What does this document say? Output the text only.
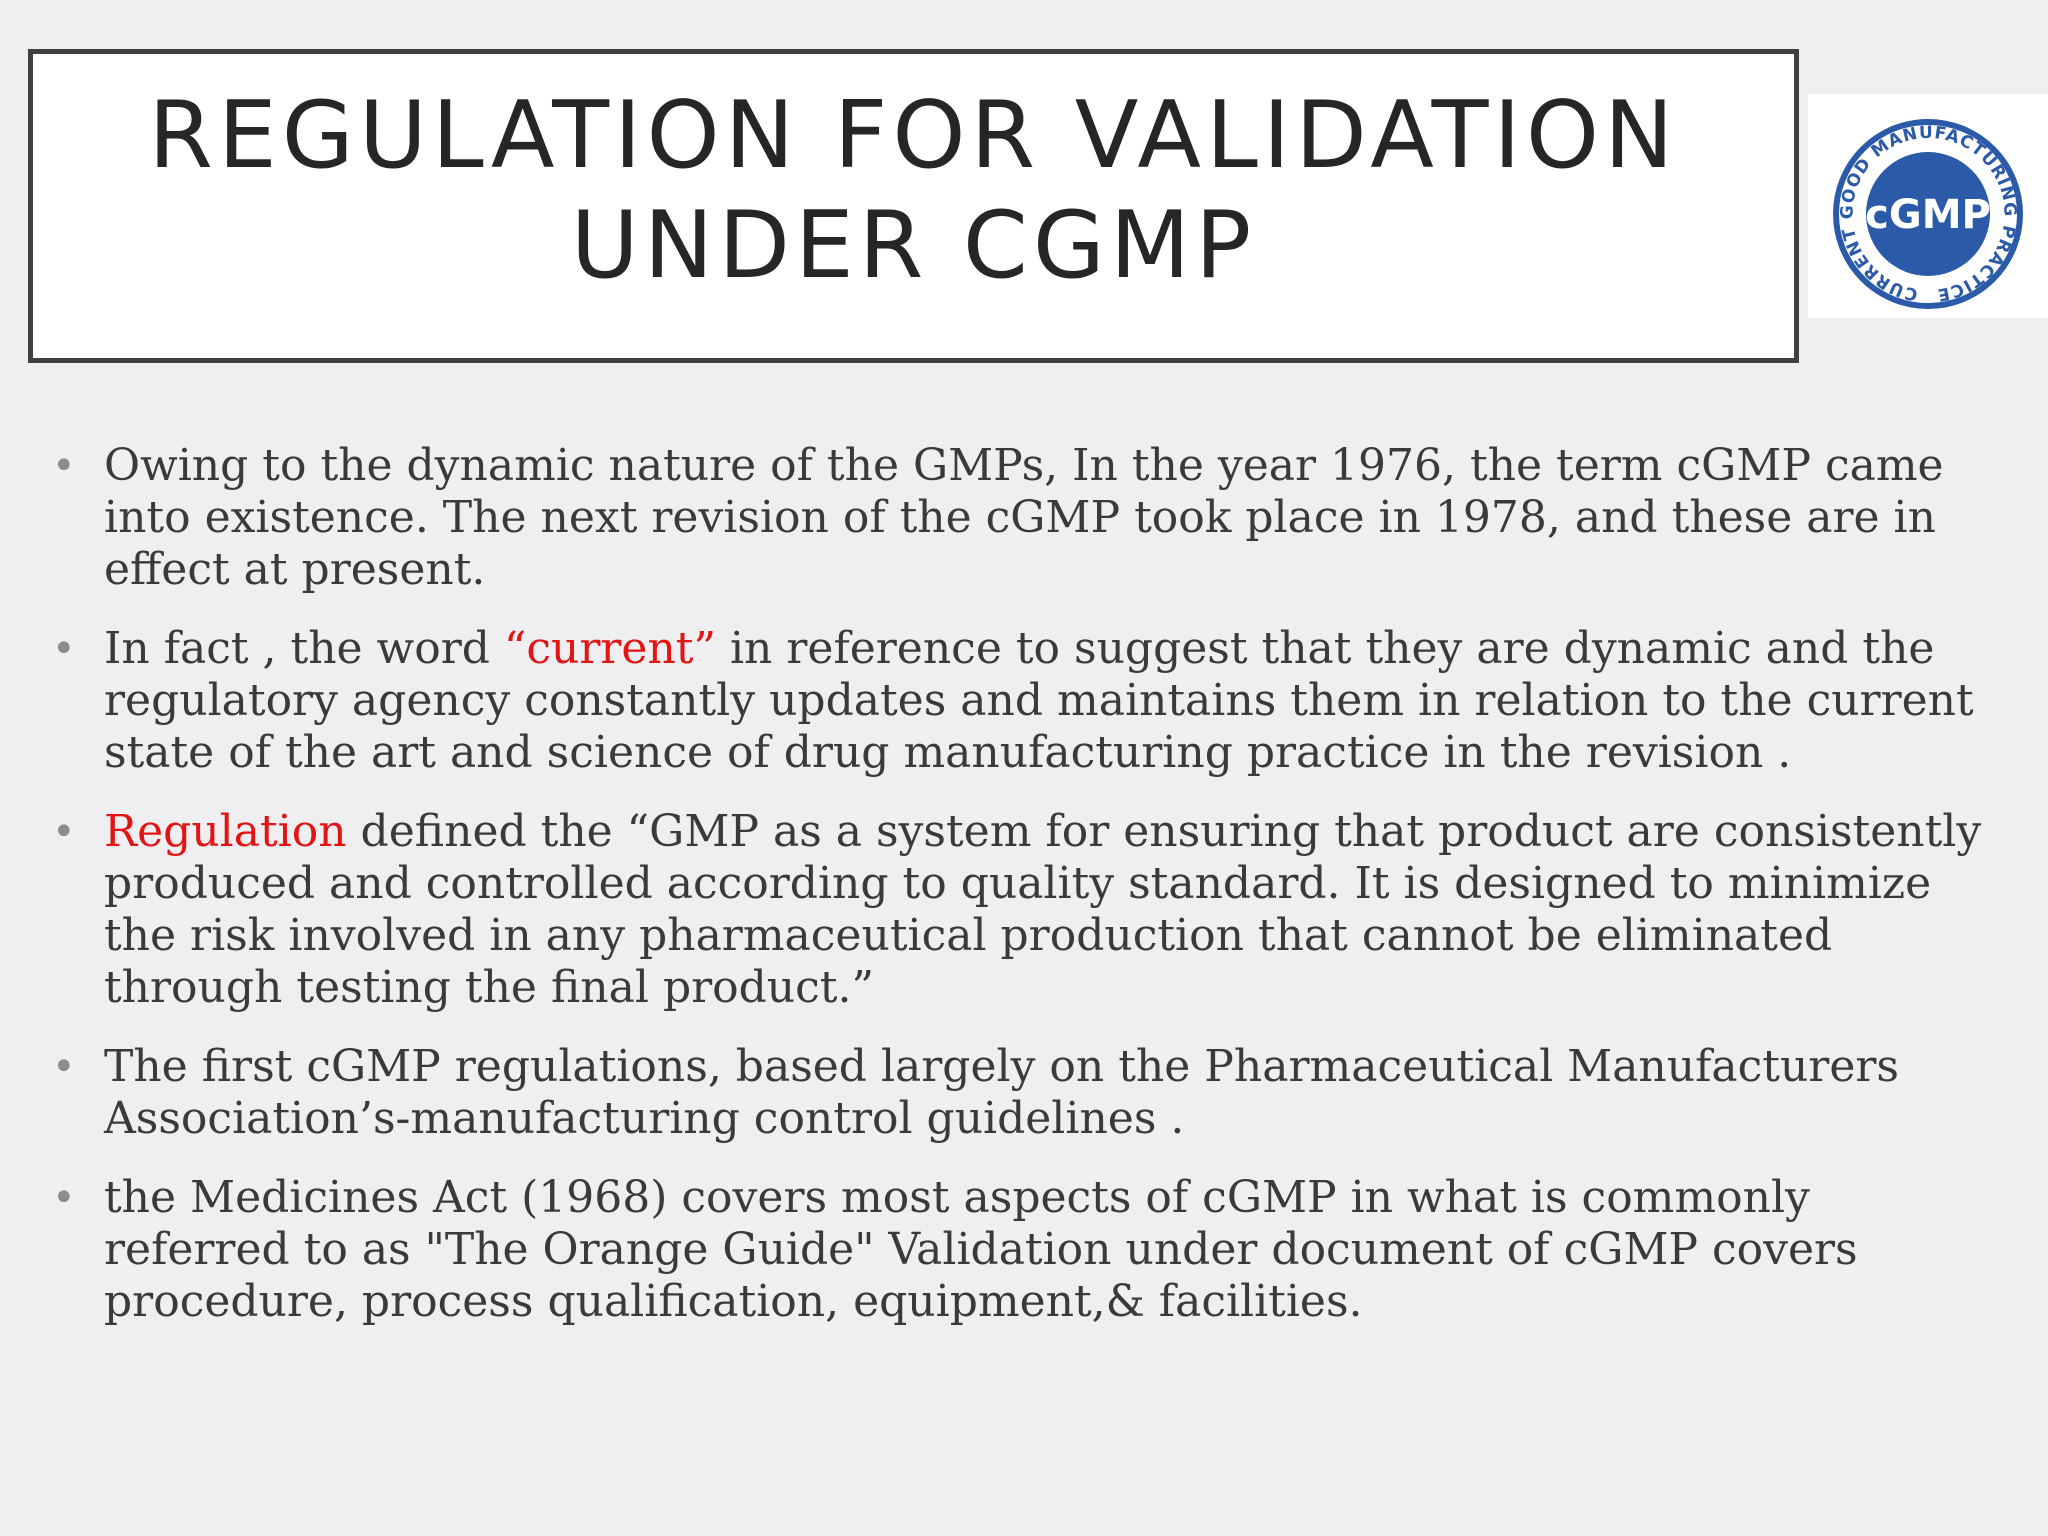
REGULATION FOR VALIDATION
UNDER CGMP	CURRENT GOOD MANUFACTURING PRACTICE
cGMP
• Owing to the dynamic nature of the GMPs, In the year 1976, the term cGMP came into existence. The next revision of the cGMP took place in 1978, and these are in effect at present.
• In fact , the word “current” in reference to suggest that they are dynamic and the regulatory agency constantly updates and maintains them in relation to the current state of the art and science of drug manufacturing practice in the revision .
• Regulation defined the “GMP as a system for ensuring that product are consistently produced and controlled according to quality standard. It is designed to minimize the risk involved in any pharmaceutical production that cannot be eliminated through testing the final product.”
• The first cGMP regulations, based largely on the Pharmaceutical Manufacturers Association’s-manufacturing control guidelines .
• the Medicines Act (1968) covers most aspects of cGMP in what is commonly referred to as "The Orange Guide" Validation under document of cGMP covers procedure, process qualification, equipment,& facilities.
